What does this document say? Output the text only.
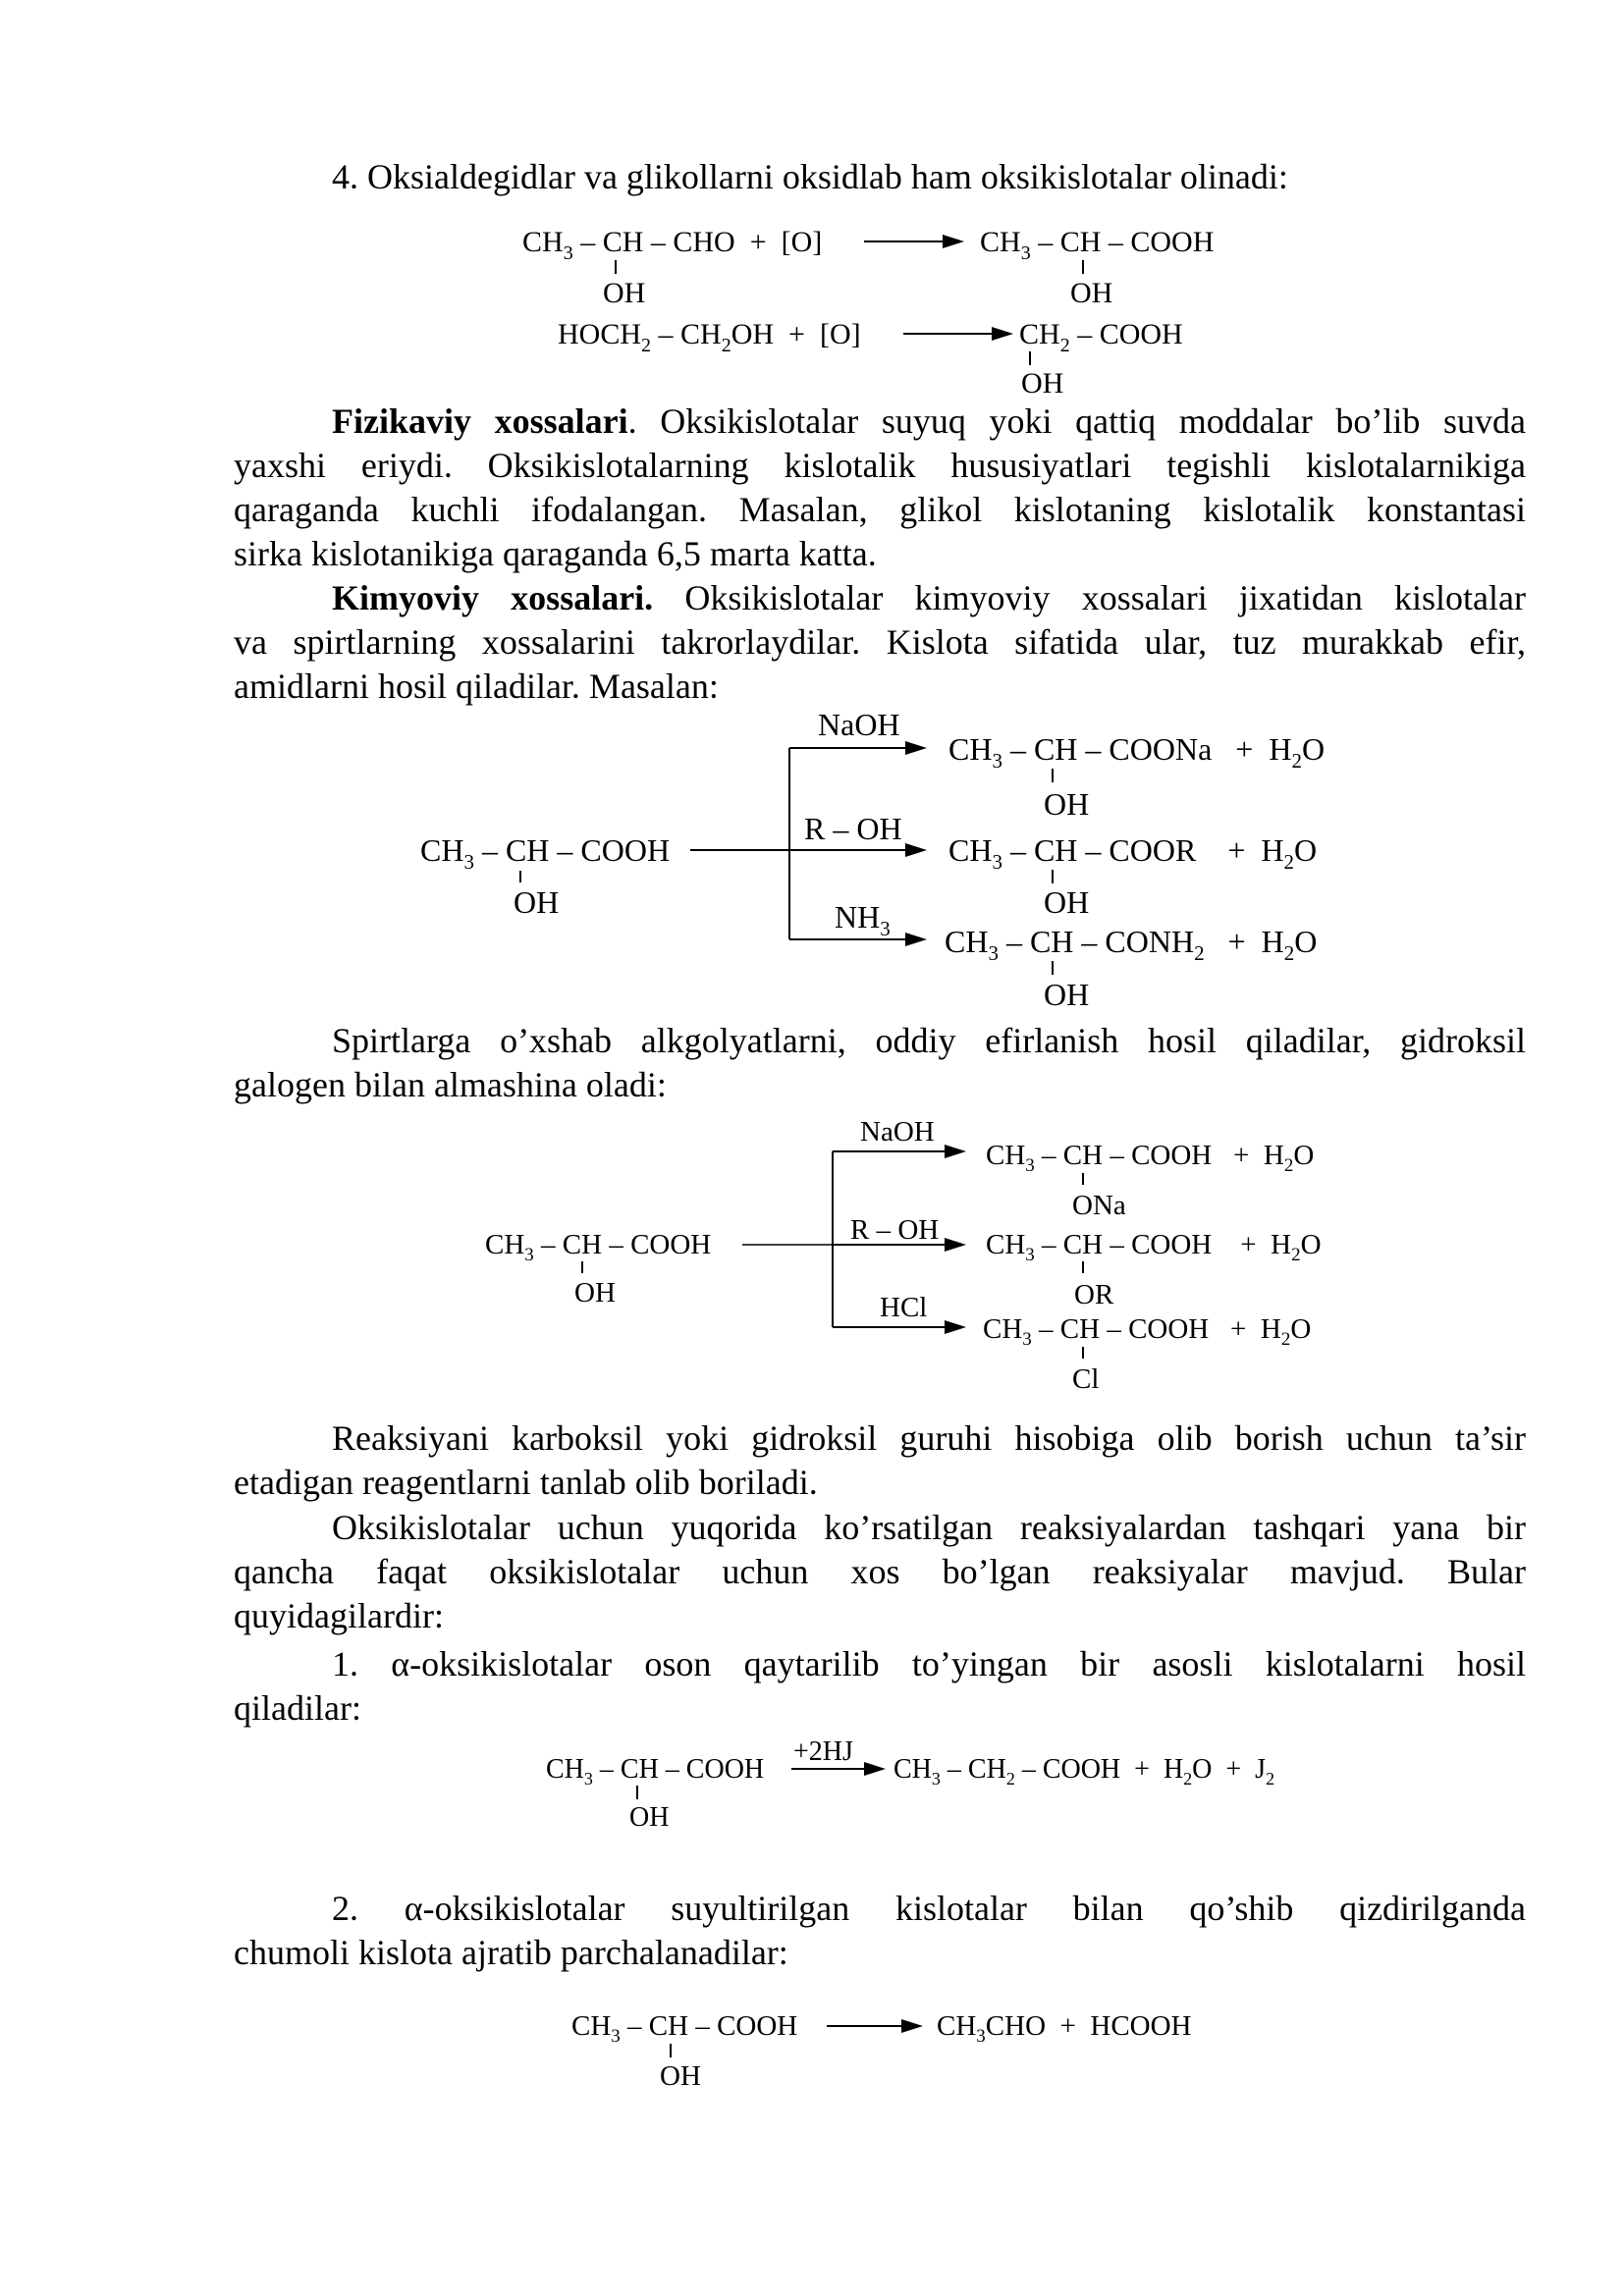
4. Oksialdegidlar va glikollarni oksidlab ham oksikislotalar olinadi:

$CH_3$ – CH – CHO  +  [O]
OH
$CH_3$ – CH – COOH
OH
$HOCH_2 - CH_2OH + [O]$	$CH_2$ – COOH
OH

Fizikaviy xossalari. Oksikislotalar suyuq yoki qattiq moddalar bo’lib suvda
yaxshi eriydi. Oksikislotalarning kislotalik hususiyatlari tegishli kislotalarnikiga
qaraganda kuchli ifodalangan. Masalan, glikol kislotaning kislotalik konstantasi
sirka kislotanikiga qaraganda 6,5 marta katta.

Kimyoviy xossalari. Oksikislotalar kimyoviy xossalari jixatidan kislotalar
va spirtlarning xossalarini takrorlaydilar. Kislota sifatida ular, tuz murakkab efir,
amidlarni hosil qiladilar. Masalan:

$CH_3$ – CH – COOH
OH
NaOH
$CH_3$ – CH – COONa   +  $H_2O$
OH
R – OH
$CH_3$ – CH – COOR    +  $H_2O$
OH
$NH_3$ $CH_3$ – CH – $CONH_2 + H_2O$
OH

Spirtlarga o’xshab alkgolyatlarni, oddiy efirlanish hosil qiladilar, gidroksil
galogen bilan almashina oladi:

$CH_3$ – CH – COOH
OH
NaOH
$CH_3$ – CH – COOH   +  $H_2O$
ONa
R – OH $CH_3$ – CH – COOH    +  $H_2O$
OR
HCl
$CH_3$ – CH – COOH   +  $H_2O$
Cl

Reaksiyani karboksil yoki gidroksil guruhi hisobiga olib borish uchun ta’sir
etadigan reagentlarni tanlab olib boriladi.

Oksikislotalar uchun yuqorida ko’rsatilgan reaksiyalardan tashqari yana bir
qancha faqat oksikislotalar uchun xos bo’lgan reaksiyalar mavjud. Bular
quyidagilardir:

1. α-oksikislotalar oson qaytarilib to’yingan bir asosli kislotalarni hosil
qiladilar:

$CH_3$ – CH – COOH
OH
+2HJ
$CH_3 - CH_2$ – COOH  +  $H_2O + J_2$

2. α-oksikislotalar suyultirilgan kislotalar bilan qo’shib qizdirilganda
chumoli kislota ajratib parchalanadilar:

$CH_3$ – CH – COOH
OH
$CH_3CHO$  +  HCOOH
